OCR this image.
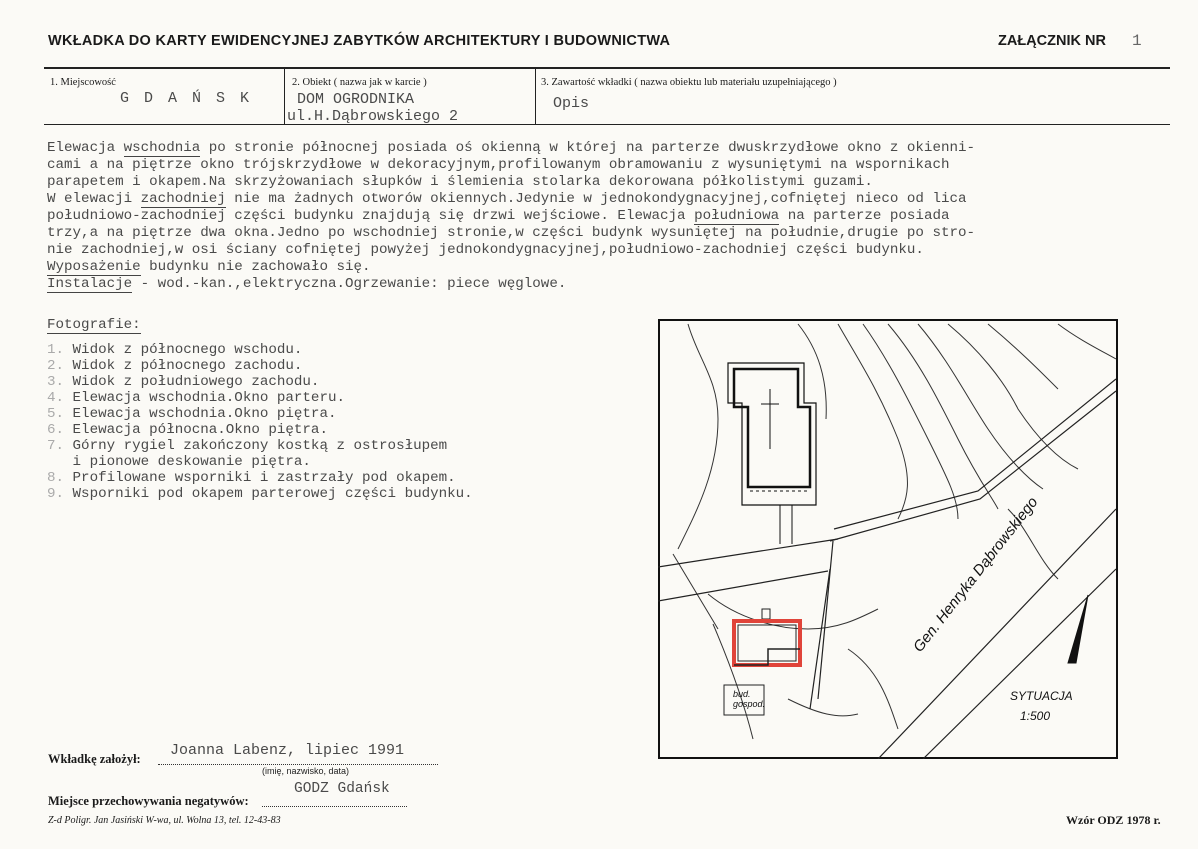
WKŁADKA DO KARTY EWIDENCYJNEJ ZABYTKÓW ARCHITEKTURY I BUDOWNICTWA	ZAŁĄCZNIK NR 1
1. Miejscowość
G D A Ń S K
2. Obiekt ( nazwa jak w karcie )
DOM OGRODNIKA
ul.H.Dąbrowskiego 2
3. Zawartość wkładki ( nazwa obiektu lub materiału uzupełniającego )
Opis
Elewacja wschodnia po stronie północnej posiada oś okienną w której na parterze dwuskrzydłowe okno z okienni-
cami a na piętrze okno trójskrzydłowe w dekoracyjnym,profilowanym obramowaniu z wysuniętymi na wspornikach
parapetem i okapem.Na skrzyżowaniach słupków i ślemienia stolarka dekorowana półkolistymi guzami.
W elewacji zachodniej nie ma żadnych otworów okiennych.Jedynie w jednokondygnacyjnej,cofniętej nieco od lica
południowo-zachodniej części budynku znajdują się drzwi wejściowe. Elewacja południowa na parterze posiada
trzy,a na piętrze dwa okna.Jedno po wschodniej stronie,w części budynk wysuniętej na południe,drugie po stro-
nie zachodniej,w osi ściany cofniętej powyżej jednokondygnacyjnej,południowo-zachodniej części budynku.
Wyposażenie budynku nie zachowało się.
Instalacje - wod.-kan.,elektryczna.Ogrzewanie: piece węglowe.
Fotografie:
1. Widok z północnego wschodu.
2. Widok z północnego zachodu.
3. Widok z południowego zachodu.
4. Elewacja wschodnia.Okno parteru.
5. Elewacja wschodnia.Okno piętra.
6. Elewacja północna.Okno piętra.
7. Górny rygiel zakończony kostką z ostrosłupem
i pionowe deskowanie piętra.
8. Profilowane wsporniki i zastrzały pod okapem.
9. Wsporniki pod okapem parterowej części budynku.	Gen. Henryka Dąbrowskiego
bud.
gospod.
SYTUACJA
1:500
Wkładkę założył: Joanna Labenz, lipiec 1991
(imię, nazwisko, data)
Miejsce przechowywania negatywów:
GODZ Gdańsk
Z-d Poligr. Jan Jasiński W-wa, ul. Wolna 13, tel. 12-43-83	Wzór ODZ 1978 r.
